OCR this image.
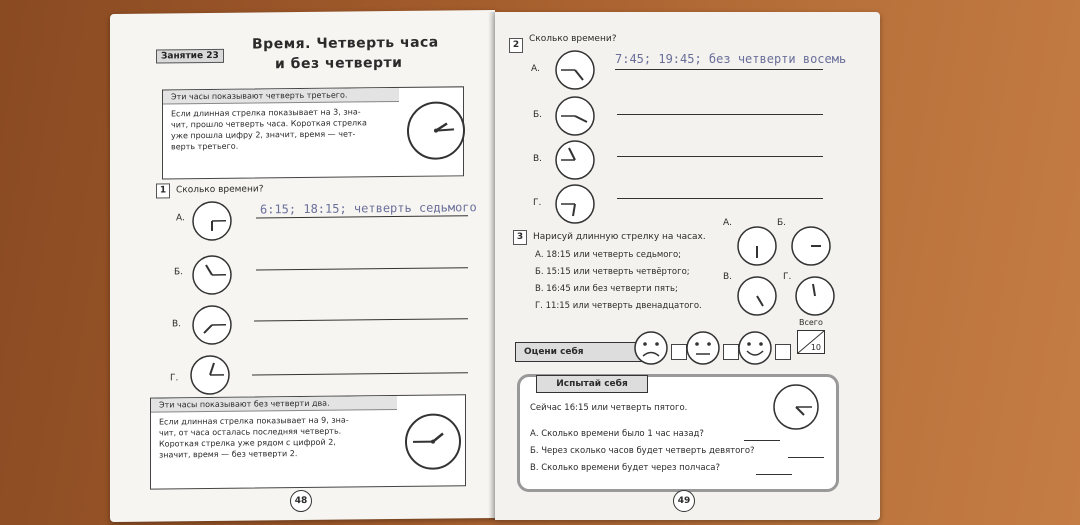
Занятие 23
Время. Четверть часа
и без четверти
Эти часы показывают четверть третьего.
Если длинная стрелка показывает на 3, зна-
чит, прошло четверть часа. Короткая стрелка
уже прошла цифру 2, значит, время — чет-
верть третьего.
1	Сколько времени?
А.
6:15; 18:15; четверть седьмого
Б.
В.
Г.
Эти часы показывают без четверти два.
Если длинная стрелка показывает на 9, зна-
чит, от часа осталась последняя четверть.
Короткая стрелка уже рядом с цифрой 2,
значит, время — без четверти 2.
48
2
Сколько времени?
А.
7:45; 19:45; без четверти восемь
Б.
В.
Г.
3	Нарисуй длинную стрелку на часах.
А. 18:15 или четверть седьмого;
Б. 15:15 или четверть четвёртого;
В. 16:45 или без четверти пять;
Г. 11:15 или четверть двенадцатого.
А.	Б.
В.	Г.
Оцени себя
Всего
10
Испытай себя
Сейчас 16:15 или четверть пятого.
А. Сколько времени было 1 час назад?
Б. Через сколько часов будет четверть девятого?
В. Сколько времени будет через полчаса?
49
